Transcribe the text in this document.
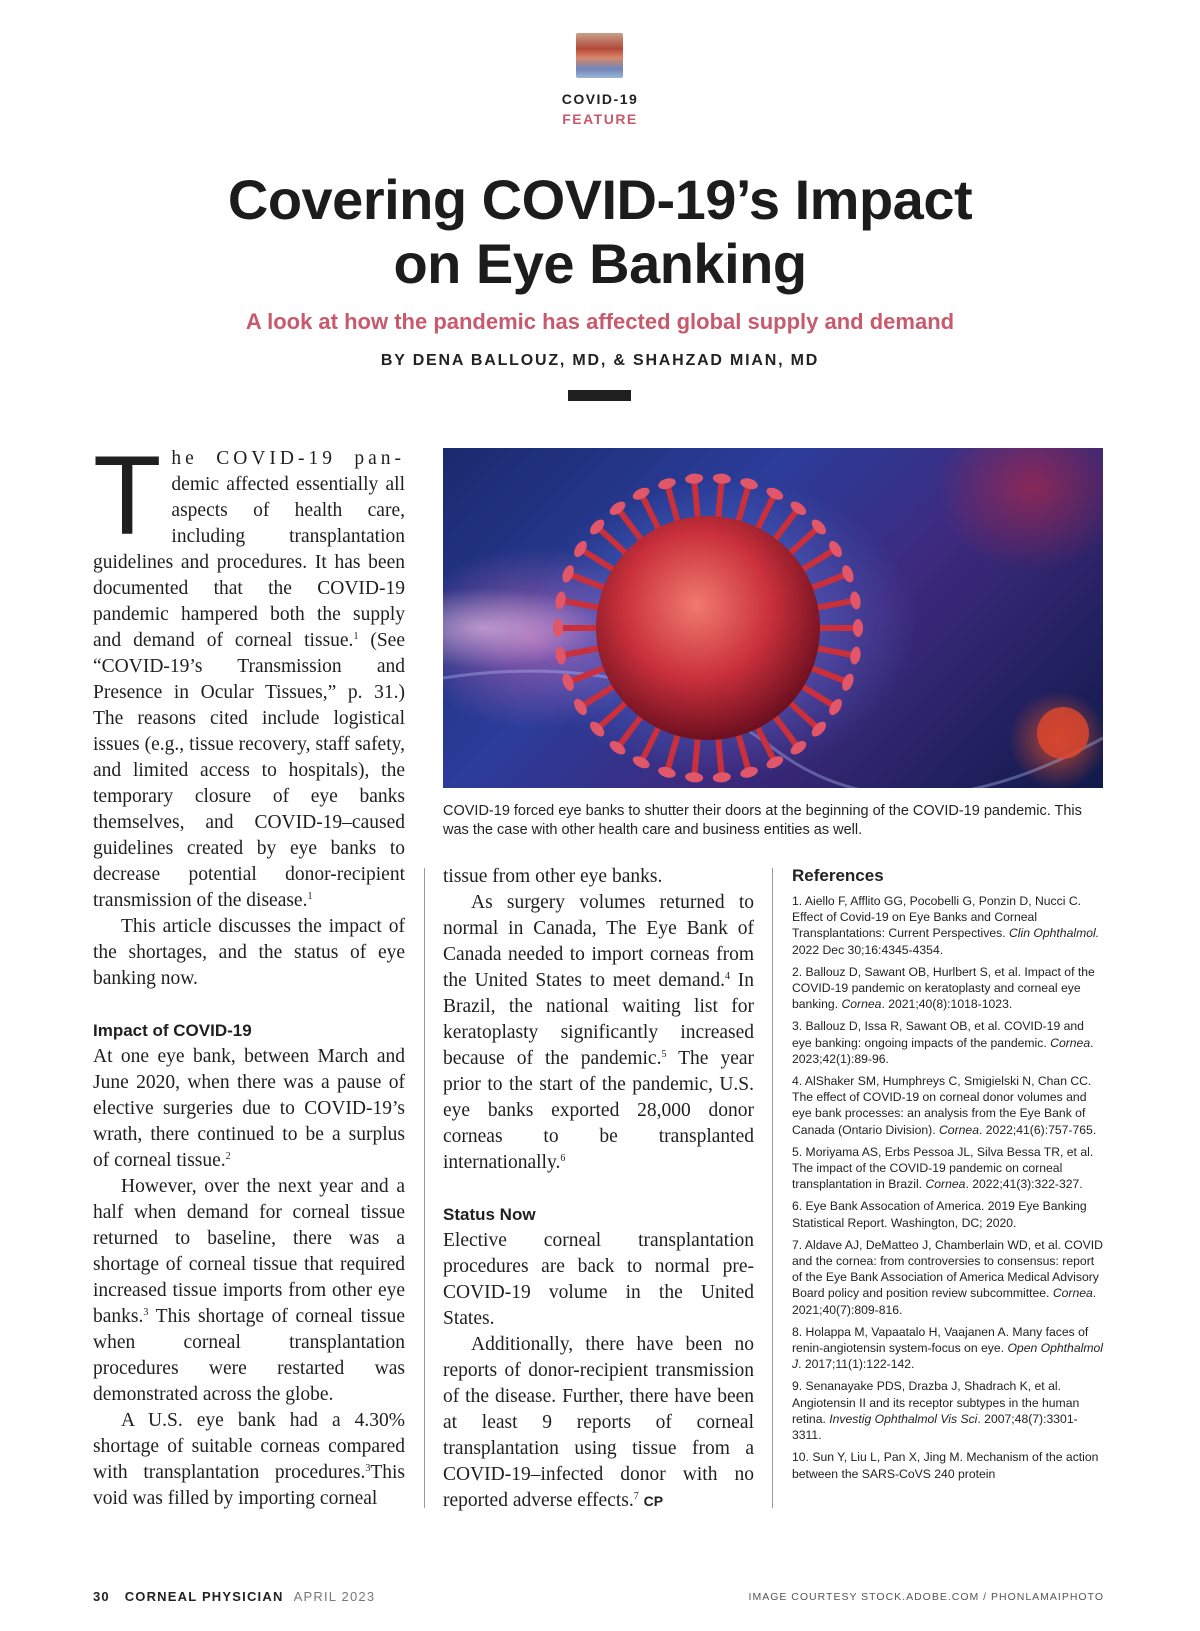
COVID-19
FEATURE
Covering COVID-19’s Impact
on Eye Banking
A look at how the pandemic has affected global supply and demand
BY DENA BALLOUZ, MD, & SHAHZAD MIAN, MD

The COVID-19 pan- demic affected essentially all aspects of health care, including transplantation guidelines and procedures. It has been documented that the COVID-19 pandemic hampered both the supply and demand of corneal tissue.$^1$ (See “COVID-19’s Transmission and Presence in Ocular Tissues,” p. 31.) The reasons cited include logistical issues (e.g., tissue recovery, staff safety, and limited access to hospitals), the temporary closure of eye banks themselves, and COVID-19–caused guidelines created by eye banks to decrease potential donor-recipient transmission of the disease.$^1$

This article discusses the impact of the shortages, and the status of eye banking now.

Impact of COVID-19

At one eye bank, between March and June 2020, when there was a pause of elective surgeries due to COVID-19’s wrath, there continued to be a surplus of corneal tissue.$^2$

However, over the next year and a half when demand for corneal tissue returned to baseline, there was a shortage of corneal tissue that required increased tissue imports from other eye banks.$^3$ This shortage of corneal tissue when corneal transplantation procedures were restarted was demonstrated across the globe.

A U.S. eye bank had a 4.30% shortage of suitable corneas compared with transplantation procedures.$^3$This void was filled by importing corneal

COVID-19 forced eye banks to shutter their doors at the beginning of the COVID-19 pandemic. This was the case with other health care and business entities as well.

tissue from other eye banks.

As surgery volumes returned to normal in Canada, The Eye Bank of Canada needed to import corneas from the United States to meet demand.$^4$ In Brazil, the national waiting list for keratoplasty significantly increased because of the pandemic.$^5$ The year prior to the start of the pandemic, U.S. eye banks exported 28,000 donor corneas to be transplanted internationally.$^6$

Status Now

Elective corneal transplantation procedures are back to normal pre-COVID-19 volume in the United States.

Additionally, there have been no reports of donor-recipient transmission of the disease. Further, there have been at least 9 reports of corneal transplantation using tissue from a COVID-19–infected donor with no reported adverse effects.$^7$ CP

References
1. Aiello F, Afflito GG, Pocobelli G, Ponzin D, Nucci C. Effect of Covid-19 on Eye Banks and Corneal Transplantations: Current Perspectives. Clin Ophthalmol. 2022 Dec 30;16:4345-4354.
2. Ballouz D, Sawant OB, Hurlbert S, et al. Impact of the COVID-19 pandemic on keratoplasty and corneal eye banking. Cornea. 2021;40(8):1018-1023.
3. Ballouz D, Issa R, Sawant OB, et al. COVID-19 and eye banking: ongoing impacts of the pandemic. Cornea. 2023;42(1):89-96.
4. AlShaker SM, Humphreys C, Smigielski N, Chan CC. The effect of COVID-19 on corneal donor volumes and eye bank processes: an analysis from the Eye Bank of Canada (Ontario Division). Cornea. 2022;41(6):757-765.
5. Moriyama AS, Erbs Pessoa JL, Silva Bessa TR, et al. The impact of the COVID-19 pandemic on corneal transplantation in Brazil. Cornea. 2022;41(3):322-327.
6. Eye Bank Assocation of America. 2019 Eye Banking Statistical Report. Washington, DC; 2020.
7. Aldave AJ, DeMatteo J, Chamberlain WD, et al. COVID and the cornea: from controversies to consensus: report of the Eye Bank Association of America Medical Advisory Board policy and position review subcommittee. Cornea. 2021;40(7):809-816.
8. Holappa M, Vapaatalo H, Vaajanen A. Many faces of renin-angiotensin system-focus on eye. Open Ophthalmol J. 2017;11(1):122-142.
9. Senanayake PDS, Drazba J, Shadrach K, et al. Angiotensin II and its receptor subtypes in the human retina. Investig Ophthalmol Vis Sci. 2007;48(7):3301-3311.
10. Sun Y, Liu L, Pan X, Jing M. Mechanism of the action between the SARS-CoVS 240 protein
30 CORNEAL PHYSICIAN APRIL 2023	IMAGE COURTESY STOCK.ADOBE.COM / PHONLAMAIPHOTO
